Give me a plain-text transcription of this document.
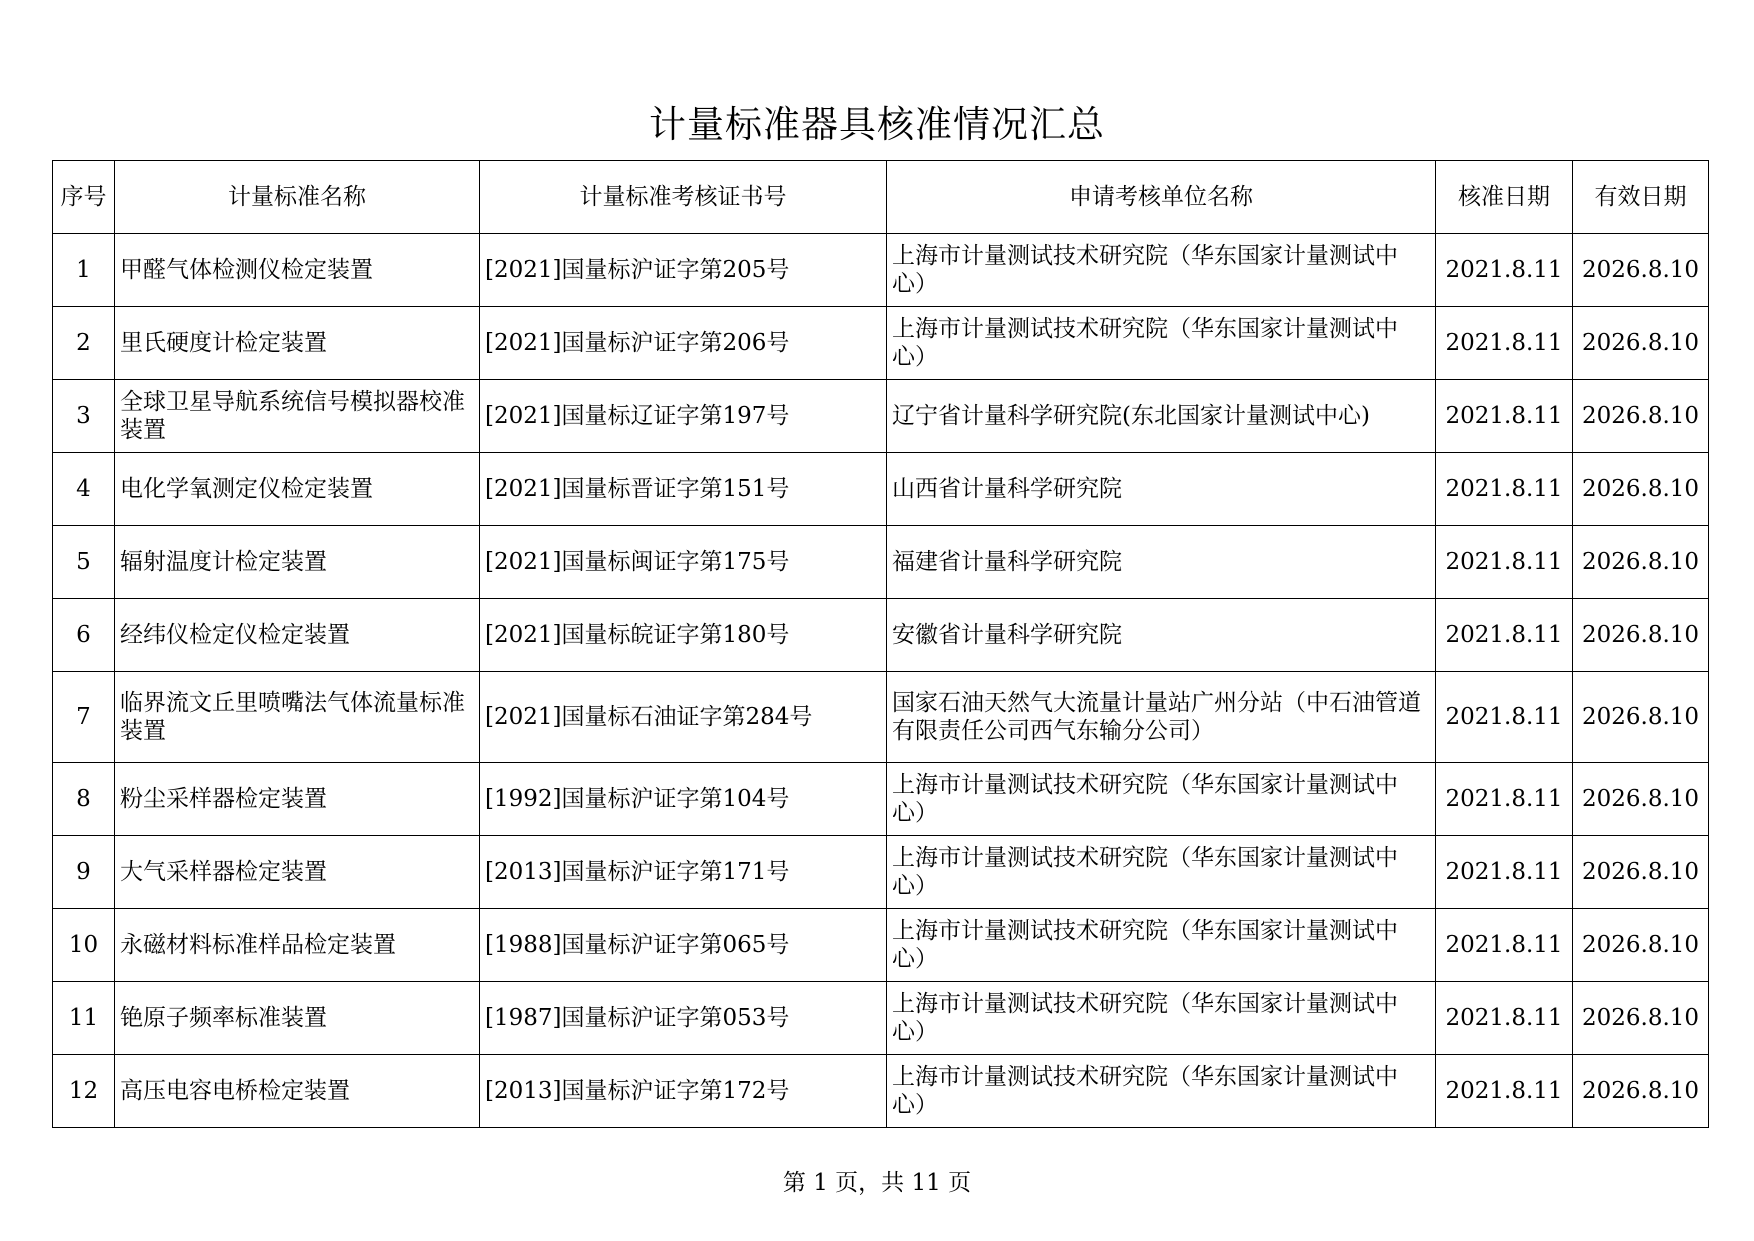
计量标准器具核准情况汇总
序号	计量标准名称	计量标准考核证书号	申请考核单位名称	核准日期	有效日期
1	甲醛气体检测仪检定装置	[2021]国量标沪证字第205号	上海市计量测试技术研究院（华东国家计量测试中心）	2021.8.11	2026.8.10
2	里氏硬度计检定装置	[2021]国量标沪证字第206号	上海市计量测试技术研究院（华东国家计量测试中心）	2021.8.11	2026.8.10
3	全球卫星导航系统信号模拟器校准装置	[2021]国量标辽证字第197号	辽宁省计量科学研究院(东北国家计量测试中心)	2021.8.11	2026.8.10
4	电化学氧测定仪检定装置	[2021]国量标晋证字第151号	山西省计量科学研究院	2021.8.11	2026.8.10
5	辐射温度计检定装置	[2021]国量标闽证字第175号	福建省计量科学研究院	2021.8.11	2026.8.10
6	经纬仪检定仪检定装置	[2021]国量标皖证字第180号	安徽省计量科学研究院	2021.8.11	2026.8.10
7	临界流文丘里喷嘴法气体流量标准装置	[2021]国量标石油证字第284号	国家石油天然气大流量计量站广州分站（中石油管道有限责任公司西气东输分公司）	2021.8.11	2026.8.10
8	粉尘采样器检定装置	[1992]国量标沪证字第104号	上海市计量测试技术研究院（华东国家计量测试中心）	2021.8.11	2026.8.10
9	大气采样器检定装置	[2013]国量标沪证字第171号	上海市计量测试技术研究院（华东国家计量测试中心）	2021.8.11	2026.8.10
10	永磁材料标准样品检定装置	[1988]国量标沪证字第065号	上海市计量测试技术研究院（华东国家计量测试中心）	2021.8.11	2026.8.10
11	铯原子频率标准装置	[1987]国量标沪证字第053号	上海市计量测试技术研究院（华东国家计量测试中心）	2021.8.11	2026.8.10
12	高压电容电桥检定装置	[2013]国量标沪证字第172号	上海市计量测试技术研究院（华东国家计量测试中心）	2021.8.11	2026.8.10
第 1 页，共 11 页
